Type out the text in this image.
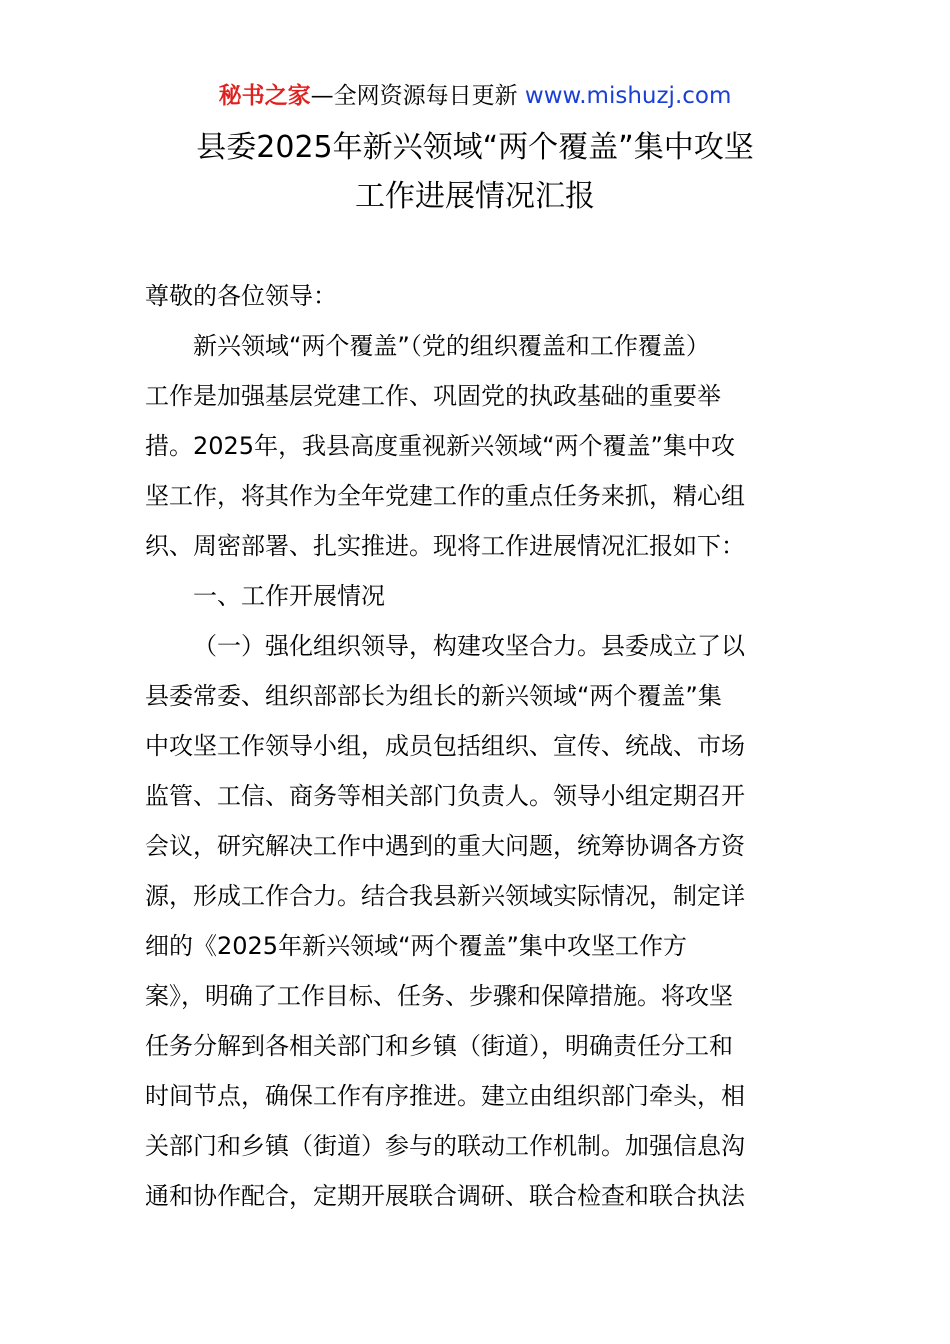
秘书之家—全网资源每日更新 www.mishuzj.com
县委2025年新兴领域“两个覆盖”集中攻坚
工作进展情况汇报
尊敬的各位领导：
新兴领域“两个覆盖”（党的组织覆盖和工作覆盖）
工作是加强基层党建工作、巩固党的执政基础的重要举
措。2025年，我县高度重视新兴领域“两个覆盖”集中攻
坚工作，将其作为全年党建工作的重点任务来抓，精心组
织、周密部署、扎实推进。现将工作进展情况汇报如下：
一、工作开展情况
（一）强化组织领导，构建攻坚合力。县委成立了以
县委常委、组织部部长为组长的新兴领域“两个覆盖”集
中攻坚工作领导小组，成员包括组织、宣传、统战、市场
监管、工信、商务等相关部门负责人。领导小组定期召开
会议，研究解决工作中遇到的重大问题，统筹协调各方资
源，形成工作合力。结合我县新兴领域实际情况，制定详
细的《2025年新兴领域“两个覆盖”集中攻坚工作方
案》，明确了工作目标、任务、步骤和保障措施。将攻坚
任务分解到各相关部门和乡镇（街道），明确责任分工和
时间节点，确保工作有序推进。建立由组织部门牵头，相
关部门和乡镇（街道）参与的联动工作机制。加强信息沟
通和协作配合，定期开展联合调研、联合检查和联合执法
